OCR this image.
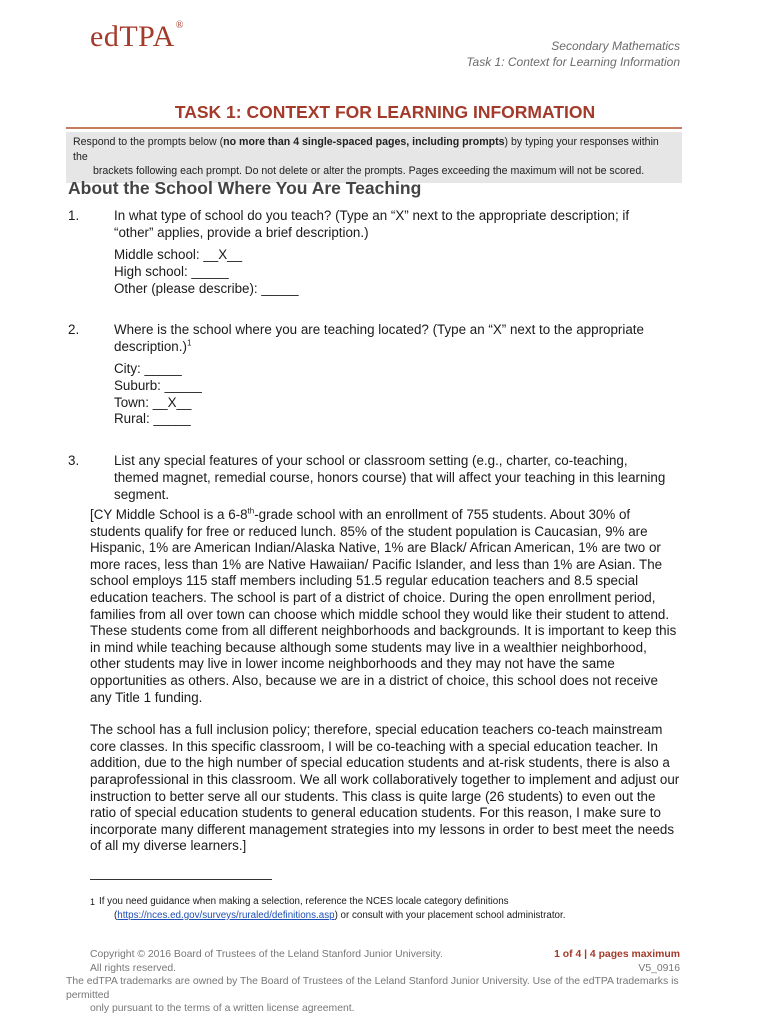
edTPA®
Secondary Mathematics
Task 1: Context for Learning Information
TASK 1: CONTEXT FOR LEARNING INFORMATION
Respond to the prompts below (no more than 4 single-spaced pages, including prompts) by typing your responses within the
brackets following each prompt. Do not delete or alter the prompts. Pages exceeding the maximum will not be scored.
About the School Where You Are Teaching
1.	In what type of school do you teach? (Type an “X” next to the appropriate description; if “other” applies, provide a brief description.)
Middle school: __X__
High school: _____
Other (please describe): _____
2.	Where is the school where you are teaching located? (Type an “X” next to the appropriate description.)$^1$
City: _____
Suburb: _____
Town: __X__
Rural: _____
3.	List any special features of your school or classroom setting (e.g., charter, co-teaching, themed magnet, remedial course, honors course) that will affect your teaching in this learning segment.

[CY Middle School is a 6-8th-grade school with an enrollment of 755 students. About 30% of students qualify for free or reduced lunch. 85% of the student population is Caucasian, 9% are Hispanic, 1% are American Indian/Alaska Native, 1% are Black/ African American, 1% are two or more races, less than 1% are Native Hawaiian/ Pacific Islander, and less than 1% are Asian. The school employs 115 staff members including 51.5 regular education teachers and 8.5 special education teachers. The school is part of a district of choice. During the open enrollment period, families from all over town can choose which middle school they would like their student to attend. These students come from all different neighborhoods and backgrounds. It is important to keep this in mind while teaching because although some students may live in a wealthier neighborhood, other students may live in lower income neighborhoods and they may not have the same opportunities as others. Also, because we are in a district of choice, this school does not receive any Title 1 funding.

The school has a full inclusion policy; therefore, special education teachers co-teach mainstream core classes. In this specific classroom, I will be co-teaching with a special education teacher. In addition, due to the high number of special education students and at-risk students, there is also a paraprofessional in this classroom. We all work collaboratively together to implement and adjust our instruction to better serve all our students. This class is quite large (26 students) to even out the ratio of special education students to general education students. For this reason, I make sure to incorporate many different management strategies into my lessons in order to best meet the needs of all my diverse learners.]

1 If you need guidance when making a selection, reference the NCES locale category definitions
(https://nces.ed.gov/surveys/ruraled/definitions.asp) or consult with your placement school administrator.
Copyright © 2016 Board of Trustees of the Leland Stanford Junior University.
All rights reserved.
1 of 4 | 4 pages maximum
V5_0916
The edTPA trademarks are owned by The Board of Trustees of the Leland Stanford Junior University. Use of the edTPA trademarks is permitted
only pursuant to the terms of a written license agreement.
